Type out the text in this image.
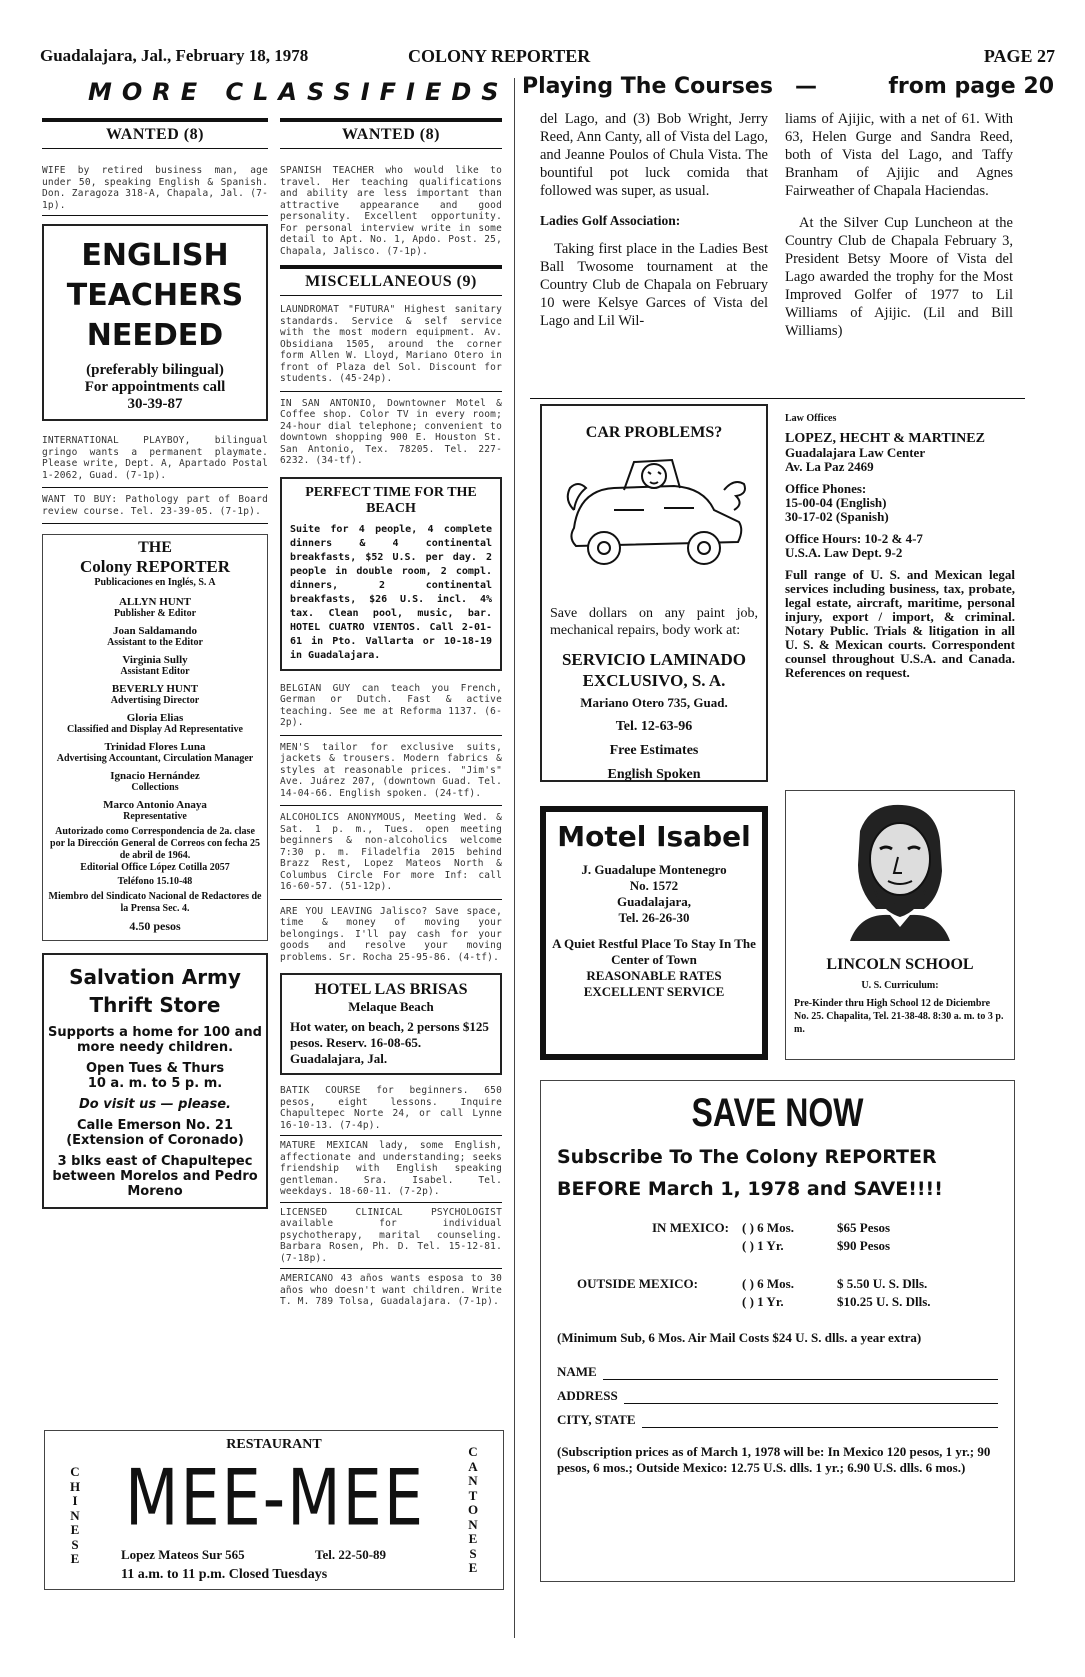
Guadalajara, Jal., February 18, 1978	COLONY REPORTER	PAGE 27
MORE CLASSIFIEDS Playing The Courses —	from page 20
WANTED (8)

WIFE by retired business man, age under 50, speaking English & Spanish. Don. Zaragoza 318-A, Chapala, Jal. (7-1p).

ENGLISH
TEACHERS
NEEDED
(preferably bilingual)
For appointments call
30-39-87

INTERNATIONAL PLAYBOY, bilingual gringo wants a permanent playmate. Please write, Dept. A, Apartado Postal 1-2062, Guad. (7-1p).

WANT TO BUY: Pathology part of Board review course. Tel. 23-39-05. (7-1p).

THE
Colony REPORTER
Publicaciones en Inglés, S. A
ALLYN HUNT
Publisher & Editor
Joan Saldamando
Assistant to the Editor
Virginia Sully
Assistant Editor
BEVERLY HUNT
Advertising Director
Gloria Elias
Classified and Display Ad Representative
Trinidad Flores Luna
Advertising Accountant, Circulation Manager
Ignacio Hernández
Collections
Marco Antonio Anaya
Representative
Autorizado como Correspondencia de 2a. clase por la Dirección General de Correos con fecha 25 de abril de 1964.
Editorial Office López Cotilla 2057
Teléfono 15.10-48
Miembro del Sindicato Nacional de Redactores de la Prensa Sec. 4.
4.50 pesos
Salvation Army
Thrift Store
Supports a home for 100 and more needy children.
Open Tues & Thurs
10 a. m. to 5 p. m.
Do visit us — please.
Calle Emerson No. 21 (Extension of Coronado)
3 blks east of Chapultepec between Morelos and Pedro Moreno
WANTED (8)

SPANISH TEACHER who would like to travel. Her teaching qualifications and ability are less important than attractive appearance and good personality. Excellent opportunity. For personal interview write in some detail to Apt. No. 1, Apdo. Post. 25, Chapala, Jalisco. (7-1p).

MISCELLANEOUS (9)

LAUNDROMAT "FUTURA" Highest sanitary standards. Service & self service with the most modern equipment. Av. Obsidiana 1505, around the corner form Allen W. Lloyd, Mariano Otero in front of Plaza del Sol. Discount for students. (45-24p).

IN SAN ANTONIO, Downtowner Motel & Coffee shop. Color TV in every room; 24-hour dial telephone; convenient to downtown shopping 900 E. Houston St. San Antonio, Tex. 78205. Tel. 227-6232. (34-tf).

PERFECT TIME FOR THE BEACH

Suite for 4 people, 4 complete dinners & 4 continental breakfasts, $52 U.S. per day. 2 people in double room, 2 compl. dinners, 2 continental breakfasts, $26 U.S. incl. 4% tax. Clean pool, music, bar. HOTEL CUATRO VIENTOS. Call 2-01-61 in Pto. Vallarta or 10-18-19 in Guadalajara.

BELGIAN GUY can teach you French, German or Dutch. Fast & active teaching. See me at Reforma 1137. (6-2p).

MEN'S tailor for exclusive suits, jackets & trousers. Modern fabrics & styles at reasonable prices. "Jim's" Ave. Juárez 207, (downtown Guad. Tel. 14-04-66. English spoken. (24-tf).

ALCOHOLICS ANONYMOUS, Meeting Wed. & Sat. 1 p. m., Tues. open meeting beginners & non-alcoholics welcome 7:30 p. m. Filadelfia 2015 behind Brazz Rest, Lopez Mateos North & Columbus Circle For more Inf: call 16-60-57. (51-12p).

ARE YOU LEAVING Jalisco? Save space, time & money of moving your belongings. I'll pay cash for your goods and resolve your moving problems. Sr. Rocha 25-95-86. (4-tf).

HOTEL LAS BRISAS
Melaque Beach
Hot water, on beach, 2 persons $125 pesos. Reserv. 16-08-65. Guadalajara, Jal.

BATIK COURSE for beginners. 650 pesos, eight lessons. Inquire Chapultepec Norte 24, or call Lynne 16-10-13. (7-4p).

MATURE MEXICAN lady, some English, affectionate and understanding; seeks friendship with English speaking gentleman. Sra. Isabel. Tel. weekdays. 18-60-11. (7-2p).

LICENSED CLINICAL PSYCHOLOGIST available for individual psychotherapy, marital counseling. Barbara Rosen, Ph. D. Tel. 15-12-81. (7-18p).

AMERICANO 43 años wants esposa to 30 años who doesn't want children. Write T. M. 789 Tolsa, Guadalajara. (7-1p).

del Lago, and (3) Bob Wright, Jerry Reed, Ann Canty, all of Vista del Lago, and Jeanne Poulos of Chula Vista. The bountiful pot luck comida that followed was super, as usual.

Ladies Golf Association:

Taking first place in the Ladies Best Ball Twosome tournament at the Country Club de Chapala on February 10 were Kelsye Garces of Vista del Lago and Lil Wil-

liams of Ajijic, with a net of 61. With 63, Helen Gurge and Sandra Reed, both of Vista del Lago, and Taffy Branham of Ajijic and Agnes Fairweather of Chapala Haciendas.

At the Silver Cup Luncheon at the Country Club de Chapala February 3, President Betsy Moore of Vista del Lago awarded the trophy for the Most Improved Golfer of 1977 to Lil Williams of Ajijic. (Lil and Bill Williams)

CAR PROBLEMS?

Save dollars on any paint job, mechanical repairs, body work at:

SERVICIO LAMINADO EXCLUSIVO, S. A.
Mariano Otero 735, Guad.
Tel. 12-63-96
Free Estimates
English Spoken
Law Offices
LOPEZ, HECHT & MARTINEZ
Guadalajara Law Center
Av. La Paz 2469
Office Phones:
15-00-04 (English)
30-17-02 (Spanish)
Office Hours: 10-2 & 4-7
U.S.A. Law Dept. 9-2

Full range of U. S. and Mexican legal services including business, tax, probate, legal estate, aircraft, maritime, personal injury, export / import, & criminal. Notary Public. Trials & litigation in all U. S. & Mexican courts. Correspondent counsel throughout U.S.A. and Canada. References on request.

Motel Isabel
J. Guadalupe Montenegro
No. 1572
Guadalajara,
Tel. 26-26-30
A Quiet Restful Place To Stay In The Center of Town
REASONABLE RATES
EXCELLENT SERVICE
LINCOLN SCHOOL
U. S. Curriculum:

Pre-Kinder thru High School 12 de Diciembre No. 25. Chapalita, Tel. 21-38-48. 8:30 a. m. to 3 p. m.

SAVE NOW
Subscribe To The Colony REPORTER
BEFORE March 1, 1978 and SAVE!!!!
IN MEXICO: ( ) 6 Mos.	$65 Pesos
( ) 1 Yr.	$90 Pesos
OUTSIDE MEXICO:	( ) 6 Mos.	$ 5.50 U. S. Dlls.
( ) 1 Yr.	$10.25 U. S. Dlls.

(Minimum Sub, 6 Mos. Air Mail Costs $24 U. S. dlls. a year extra)

NAME
ADDRESS
CITY, STATE

(Subscription prices as of March 1, 1978 will be: In Mexico 120 pesos, 1 yr.; 90 pesos, 6 mos.; Outside Mexico: 12.75 U.S. dlls. 1 yr.; 6.90 U.S. dlls. 6 mos.)

RESTAURANT
C
H
I
N
E
S
E
C
A
N
T
O
N
E
S
E
MEE-MEE
Lopez Mateos Sur 565	Tel. 22-50-89
11 a.m. to 11 p.m. Closed Tuesdays
